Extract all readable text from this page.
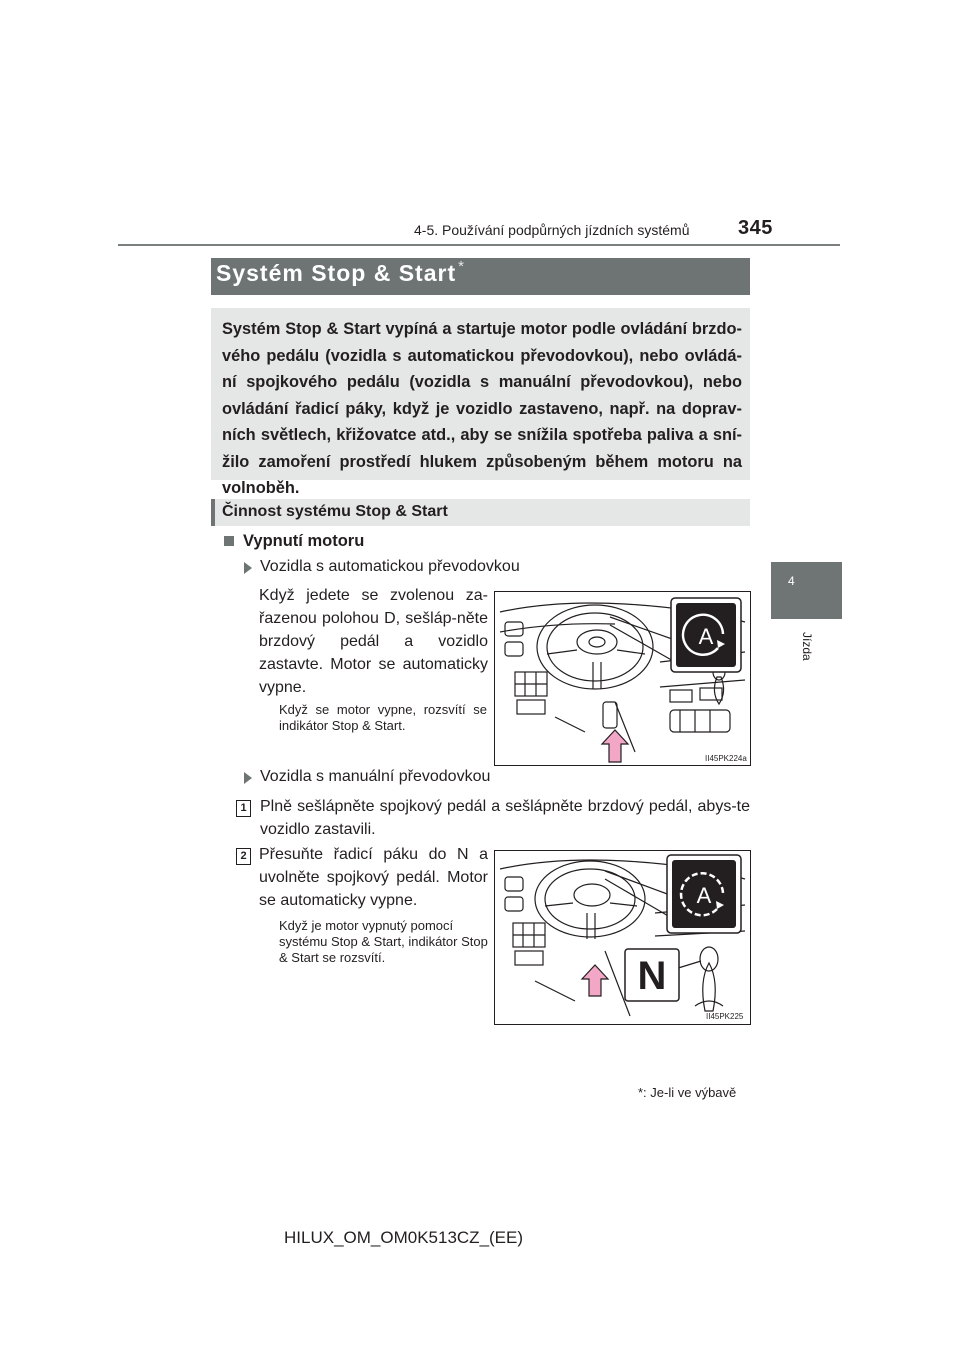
4-5. Používání podpůrných jízdních systémů 345
4
Jízda
Systém Stop & Start *
Systém Stop & Start vypíná a startuje motor podle ovládání brzdo-vého pedálu (vozidla s automatickou převodovkou), nebo ovládá-ní spojkového pedálu (vozidla s manuální převodovkou), nebo ovládání řadicí páky, když je vozidlo zastaveno, např. na doprav-ních světlech, křižovatce atd., aby se snížila spotřeba paliva a sní-žilo zamoření prostředí hlukem způsobeným během motoru na volnoběh.
Činnost systému Stop & Start
Vypnutí motoru
Vozidla s automatickou převodovkou
Když jedete se zvolenou za-řazenou polohou D, sešláp-něte brzdový pedál a vozidlo zastavte. Motor se automaticky vypne.
Když se motor vypne, rozsvítí se indikátor Stop & Start.
A
II45PK224a
Vozidla s manuální převodovkou
1 Plně sešlápněte spojkový pedál a sešlápněte brzdový pedál, abys-te vozidlo zastavili.
2 Přesuňte řadicí páku do N a uvolněte spojkový pedál. Motor se automaticky vypne.
Když je motor vypnutý pomocí systému Stop & Start, indikátor Stop & Start se rozsvítí.	N
A
II45PK225
*: Je-li ve výbavě
HILUX_OM_OM0K513CZ_(EE)
